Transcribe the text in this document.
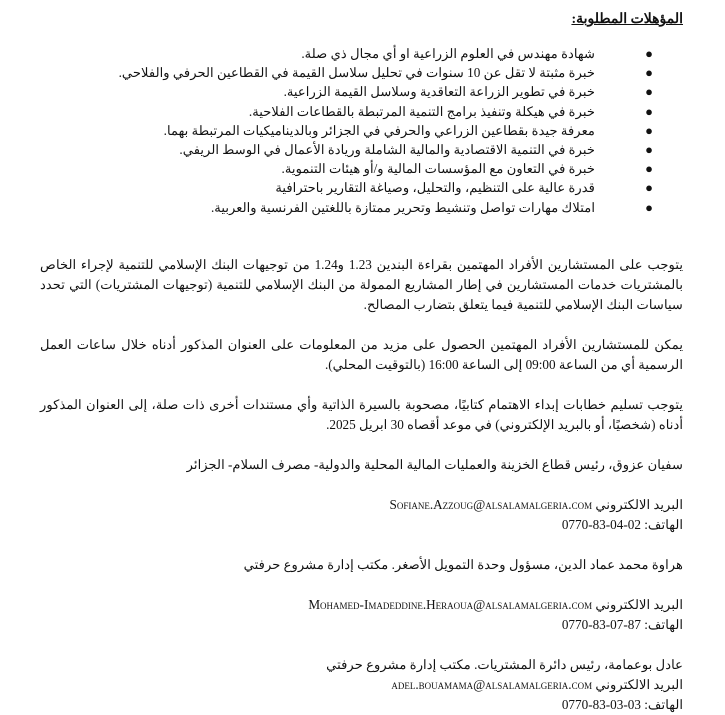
المؤهلات المطلوبة:
●
شهادة مهندس في العلوم الزراعية او أي مجال ذي صلة.
●
خبرة مثبتة لا تقل عن 10 سنوات في تحليل سلاسل القيمة في القطاعين الحرفي والفلاحي.
●
خبرة في تطوير الزراعة التعاقدية وسلاسل القيمة الزراعية.
●
خبرة في هيكلة وتنفيذ برامج التنمية المرتبطة بالقطاعات الفلاحية.
●
معرفة جيدة بقطاعين الزراعي والحرفي في الجزائر وبالديناميكيات المرتبطة بهما.
●
خبرة في التنمية الاقتصادية والمالية الشاملة وريادة الأعمال في الوسط الريفي.
●
خبرة في التعاون مع المؤسسات المالية و/أو هيئات التنموية.
●
قدرة عالية على التنظيم، والتحليل، وصياغة التقارير باحترافية
●
امتلاك مهارات تواصل وتنشيط وتحرير ممتازة باللغتين الفرنسية والعربية.

يتوجب على المستشارين الأفراد المهتمين بقراءة البندين 1.23 و1.24 من توجيهات البنك الإسلامي للتنمية لإجراء الخاص بالمشتريات خدمات المستشارين في إطار المشاريع الممولة من البنك الإسلامي للتنمية (توجيهات المشتريات) التي تحدد سياسات البنك الإسلامي للتنمية فيما يتعلق بتضارب المصالح.

يمكن للمستشارين الأفراد المهتمين الحصول على مزيد من المعلومات على العنوان المذكور أدناه خلال ساعات العمل الرسمية أي من الساعة 09:00 إلى الساعة 16:00 (بالتوقيت المحلي).

يتوجب تسليم خطابات إبداء الاهتمام كتابيًا، مصحوبة بالسيرة الذاتية وأي مستندات أخرى ذات صلة، إلى العنوان المذكور أدناه (شخصيًا، أو بالبريد الإلكتروني) في موعد أقصاه 30 ابريل 2025.

سفيان عزوق، رئيس قطاع الخزينة والعمليات المالية المحلية والدولية- مصرف السلام- الجزائر

البريد الالكتروني Sofiane.Azzoug@alsalamalgeria.com

الهاتف: 0770-83-04-02

هراوة محمد عماد الدين، مسؤول وحدة التمويل الأصغر. مكتب إدارة مشروع حرفتي

البريد الالكتروني Mohamed-Imadeddine.Heraoua@alsalamalgeria.com

الهاتف: 0770-83-07-87

عادل بوعمامة، رئيس دائرة المشتريات. مكتب إدارة مشروع حرفتي

البريد الالكتروني adel.bouamama@alsalamalgeria.com

الهاتف: 0770-83-03-03
